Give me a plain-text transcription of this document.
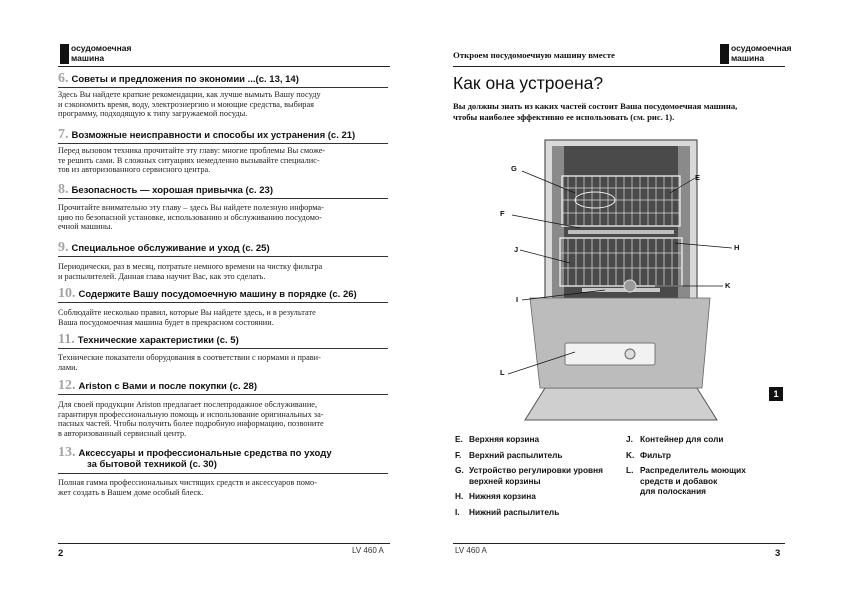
осудомоечная
машина
6. Советы и предложения по экономии ...(с. 13, 14)
Здесь Вы найдете краткие рекомендации, как лучше вымыть Вашу посуду
и сэкономить время, воду, электроэнергию и моющие средства, выбирая
программу, подходящую к типу загружаемой посуды.
7. Возможные неисправности и способы их устранения (с. 21)
Перед вызовом техника прочитайте эту главу: многие проблемы Вы сможе-
те решить сами. В сложных ситуациях немедленно вызывайте специалис-
тов из авторизованного сервисного центра.
8. Безопасность — хорошая привычка (с. 23)
Прочитайте внимательно эту главу – здесь Вы найдете полезную информа-
цию по безопасной установке, использованию и обслуживанию посудомо-
ечной машины.
9. Специальное обслуживание и уход (с. 25)
Периодически, раз в месяц, потратьте немного времени на чистку фильтра
и распылителей. Данная глава научит Вас, как это сделать.
10. Содержите Вашу посудомоечную машину в порядке (с. 26)
Соблюдайте несколько правил, которые Вы найдете здесь, и в результате
Ваша посудомоечная машина будет в прекрасном состоянии.
11. Технические характеристики (с. 5)
Технические показатели оборудования в соответствии с нормами и прави-
лами.
12. Ariston с Вами и после покупки (с. 28)
Для своей продукции Ariston предлагает послепродажное обслуживание,
гарантируя профессиональную помощь и использование оригинальных за-
пасных частей. Чтобы получить более подробную информацию, позвоните
в авторизованный сервисный центр.
13. Аксессуары и профессиональные средства по уходу
за бытовой техникой (с. 30)
Полная гамма профессиональных чистящих средств и аксессуаров помо-
жет создать в Вашем доме особый блеск.
2	LV 460 A
Откроем посудомоечную машину вместе
осудомоечная
машина
Как она устроена?
Вы должны знать из каких частей состоит Ваша посудомоечная машина,
чтобы наиболее эффективно ее использовать (см. рис. 1).
G
E
F
J	H
K
I
L
1
E. Верхняя корзина
F. Верхний распылитель
G. Устройство регулировки уровня
верхней корзины
H. Нижняя корзина
I.	Нижний распылитель
J. Контейнер для соли
K. Фильтр
L. Распределитель моющих
средств и добавок
для полоскания
LV 460 A	3
